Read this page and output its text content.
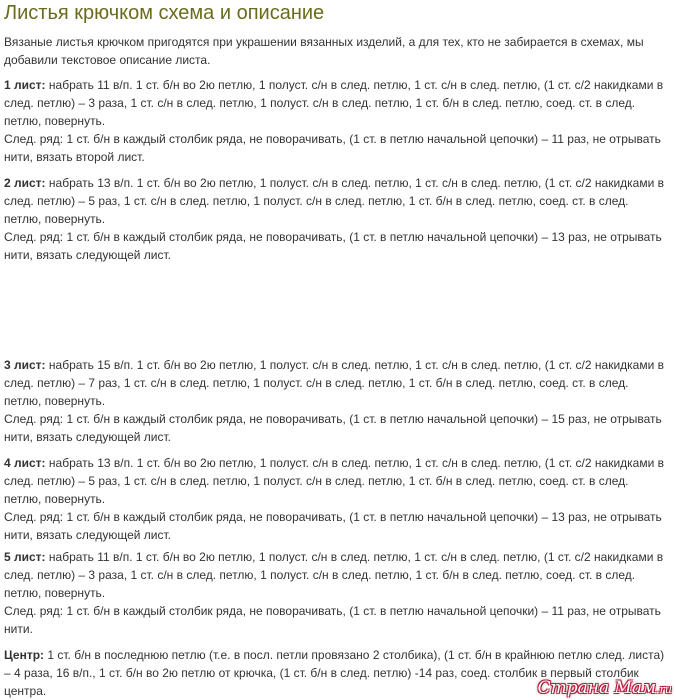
Листья крючком схема и описание
Вязаные листья крючком пригодятся при украшении вязанных изделий, а для тех, кто не забирается в схемах, мы добавили текстовое описание листа.

1 лист: набрать 11 в/п. 1 ст. б/н во 2ю петлю, 1 полуст. с/н в след. петлю, 1 ст. с/н в след. петлю, (1 ст. с/2 накидками в след. петлю) – 3 раза, 1 ст. с/н в след. петлю, 1 полуст. с/н в след. петлю, 1 ст. б/н в след. петлю, соед. ст. в след. петлю, повернуть.

След. ряд: 1 ст. б/н в каждый столбик ряда, не поворачивать, (1 ст. в петлю начальной цепочки) – 11 раз, не отрывать нити, вязать второй лист.

2 лист: набрать 13 в/п. 1 ст. б/н во 2ю петлю, 1 полуст. с/н в след. петлю, 1 ст. с/н в след. петлю, (1 ст. с/2 накидками в след. петлю) – 5 раз, 1 ст. с/н в след. петлю, 1 полуст. с/н в след. петлю, 1 ст. б/н в след. петлю, соед. ст. в след. петлю, повернуть.

След. ряд: 1 ст. б/н в каждый столбик ряда, не поворачивать, (1 ст. в петлю начальной цепочки) – 13 раз, не отрывать нити, вязать следующей лист.

3 лист: набрать 15 в/п. 1 ст. б/н во 2ю петлю, 1 полуст. с/н в след. петлю, 1 ст. с/н в след. петлю, (1 ст. с/2 накидками в след. петлю) – 7 раз, 1 ст. с/н в след. петлю, 1 полуст. с/н в след. петлю, 1 ст. б/н в след. петлю, соед. ст. в след. петлю, повернуть.

След. ряд: 1 ст. б/н в каждый столбик ряда, не поворачивать, (1 ст. в петлю начальной цепочки) – 15 раз, не отрывать нити, вязать следующей лист.

4 лист: набрать 13 в/п. 1 ст. б/н во 2ю петлю, 1 полуст. с/н в след. петлю, 1 ст. с/н в след. петлю, (1 ст. с/2 накидками в след. петлю) – 5 раз, 1 ст. с/н в след. петлю, 1 полуст. с/н в след. петлю, 1 ст. б/н в след. петлю, соед. ст. в след. петлю, повернуть.

След. ряд: 1 ст. б/н в каждый столбик ряда, не поворачивать, (1 ст. в петлю начальной цепочки) – 13 раз, не отрывать нити, вязать следующей лист.

5 лист: набрать 11 в/п. 1 ст. б/н во 2ю петлю, 1 полуст. с/н в след. петлю, 1 ст. с/н в след. петлю, (1 ст. с/2 накидками в след. петлю) – 3 раза, 1 ст. с/н в след. петлю, 1 полуст. с/н в след. петлю, 1 ст. б/н в след. петлю, соед. ст. в след. петлю, повернуть.

След. ряд: 1 ст. б/н в каждый столбик ряда, не поворачивать, (1 ст. в петлю начальной цепочки) – 11 раз, не отрывать нити.

Центр: 1 ст. б/н в последнюю петлю (т.е. в посл. петли провязано 2 столбика), (1 ст. б/н в крайнюю петлю след. листа) – 4 раза, 16 в/п., 1 ст. б/н во 2ю петлю от крючка, (1 ст. б/н в след. петлю) -14 раз, соед. столбик в первый столбик центра.	Страна Мам.ru
